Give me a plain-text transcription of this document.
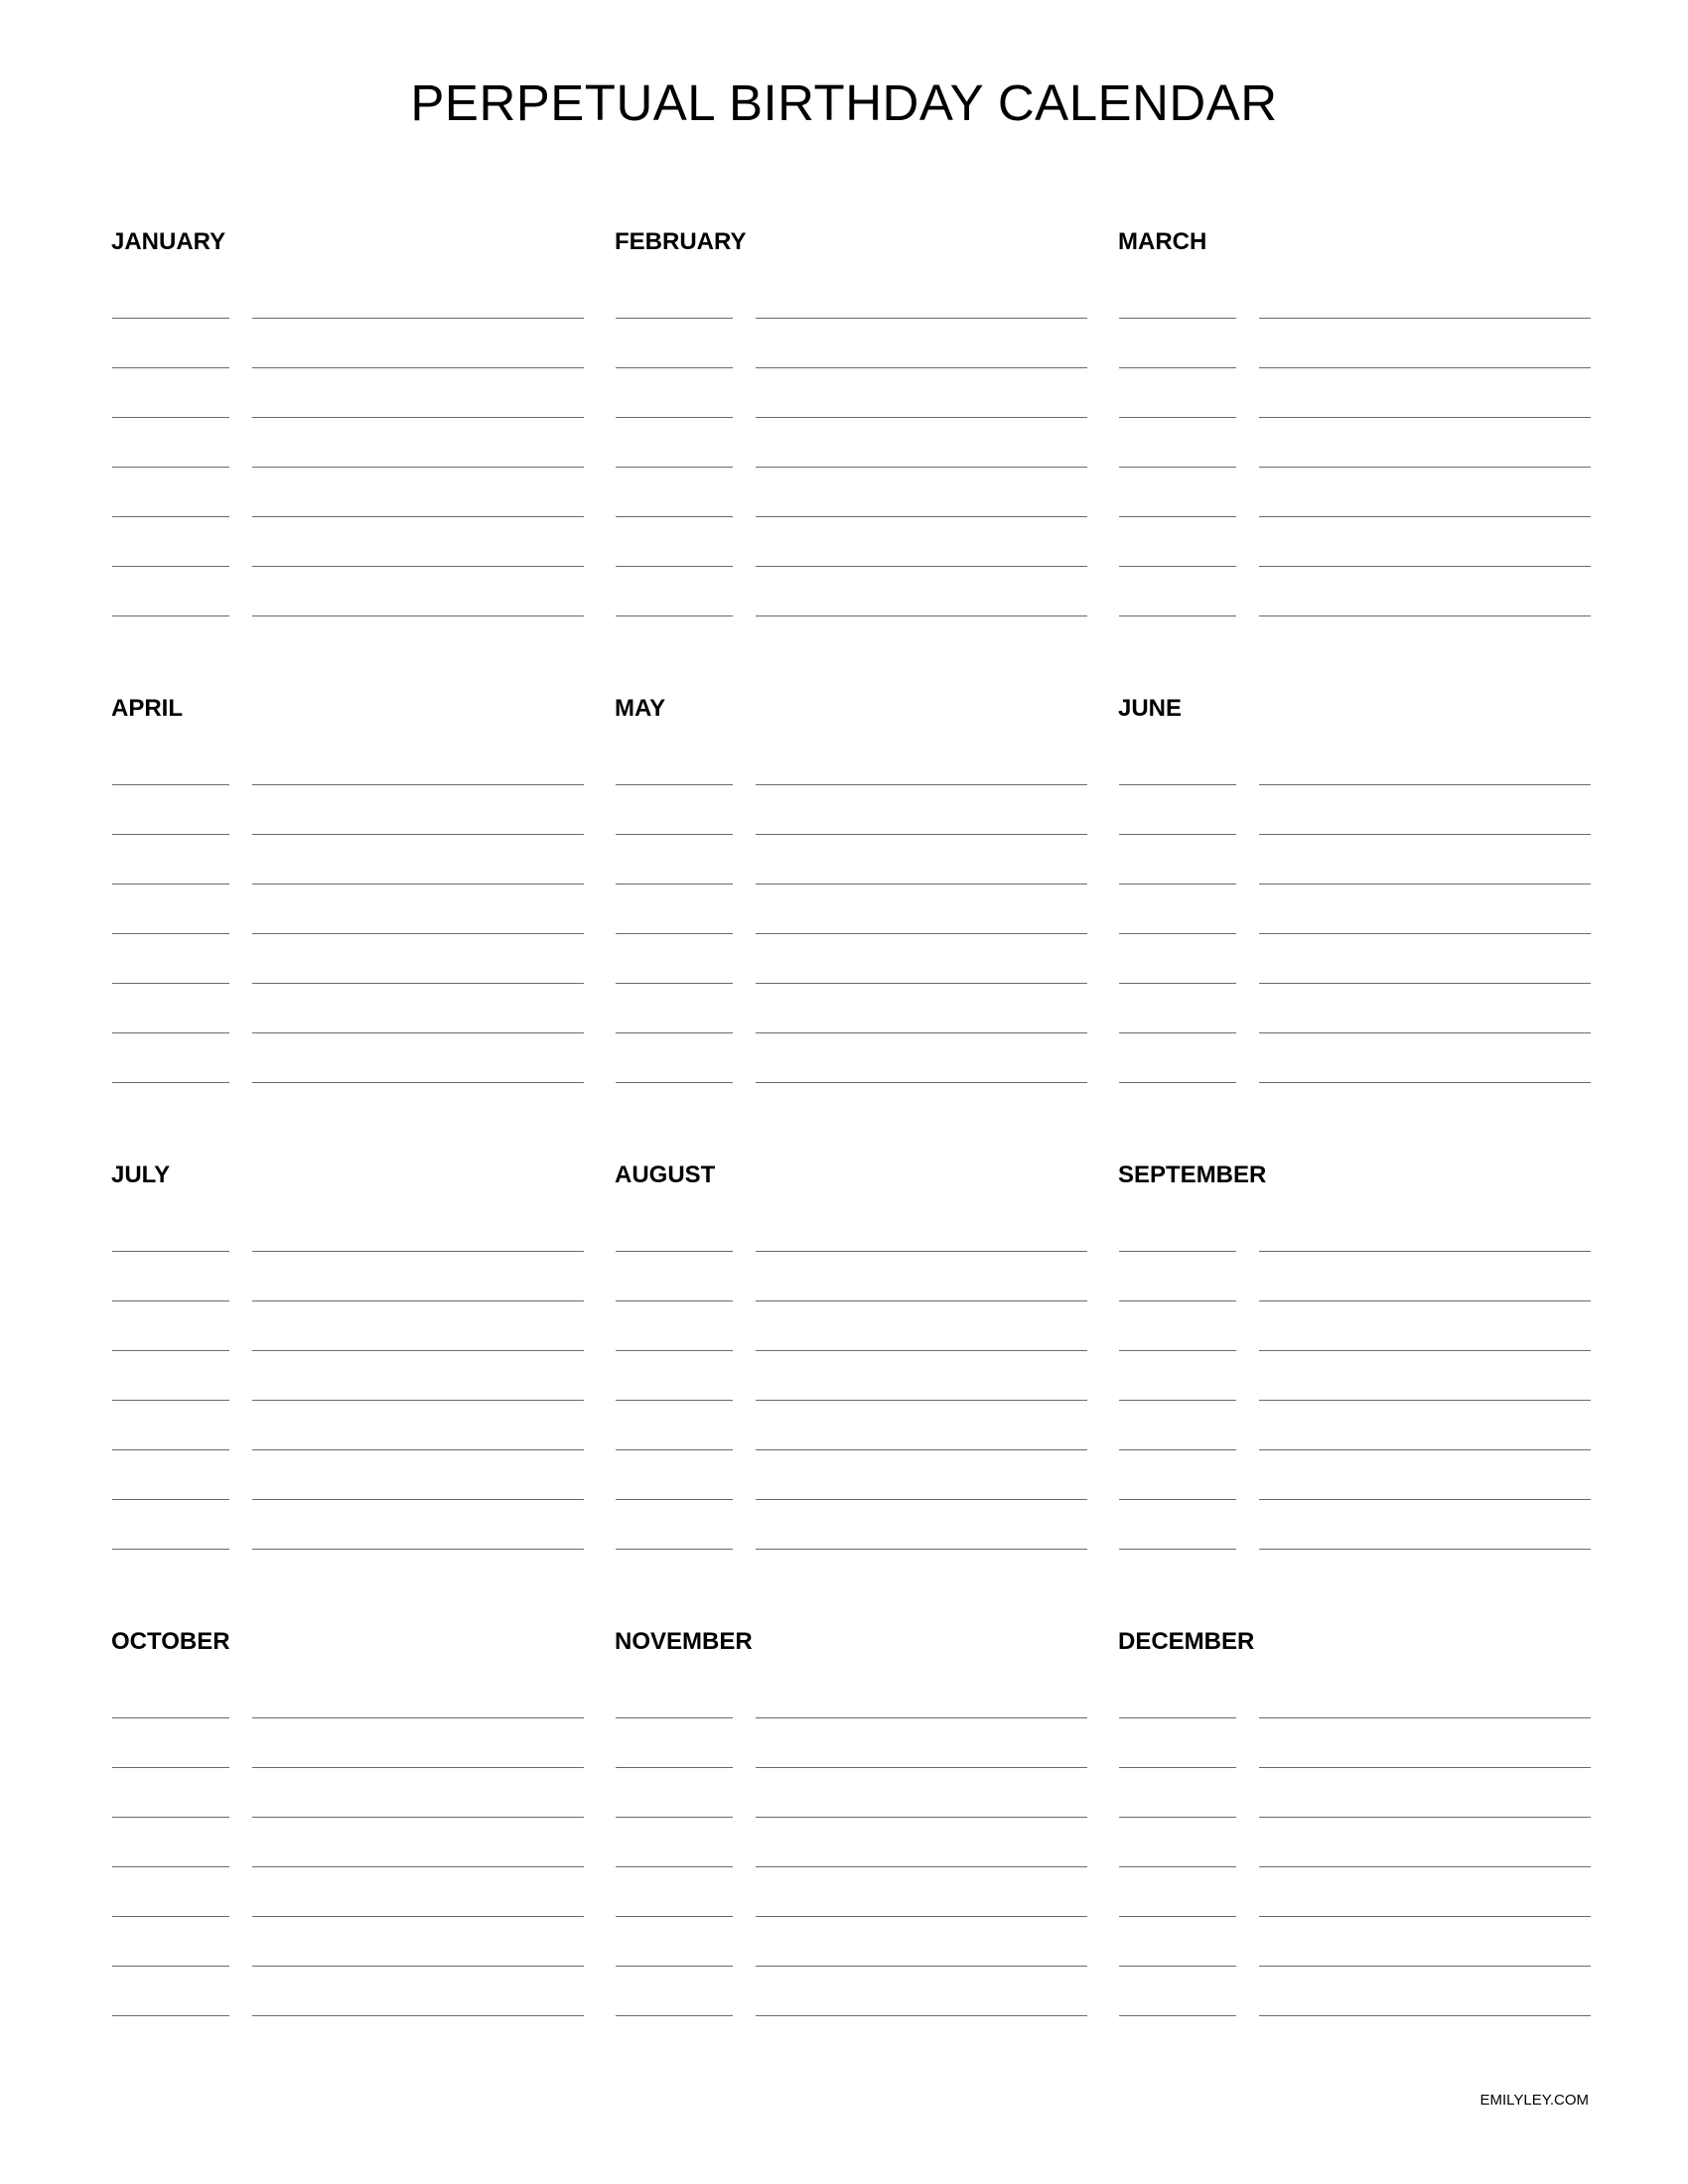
PERPETUAL BIRTHDAY CALENDAR
JANUARY	FEBRUARY	MARCH
APRIL	MAY	JUNE
JULY	AUGUST	SEPTEMBER
OCTOBER	NOVEMBER	DECEMBER
EMILYLEY.COM
